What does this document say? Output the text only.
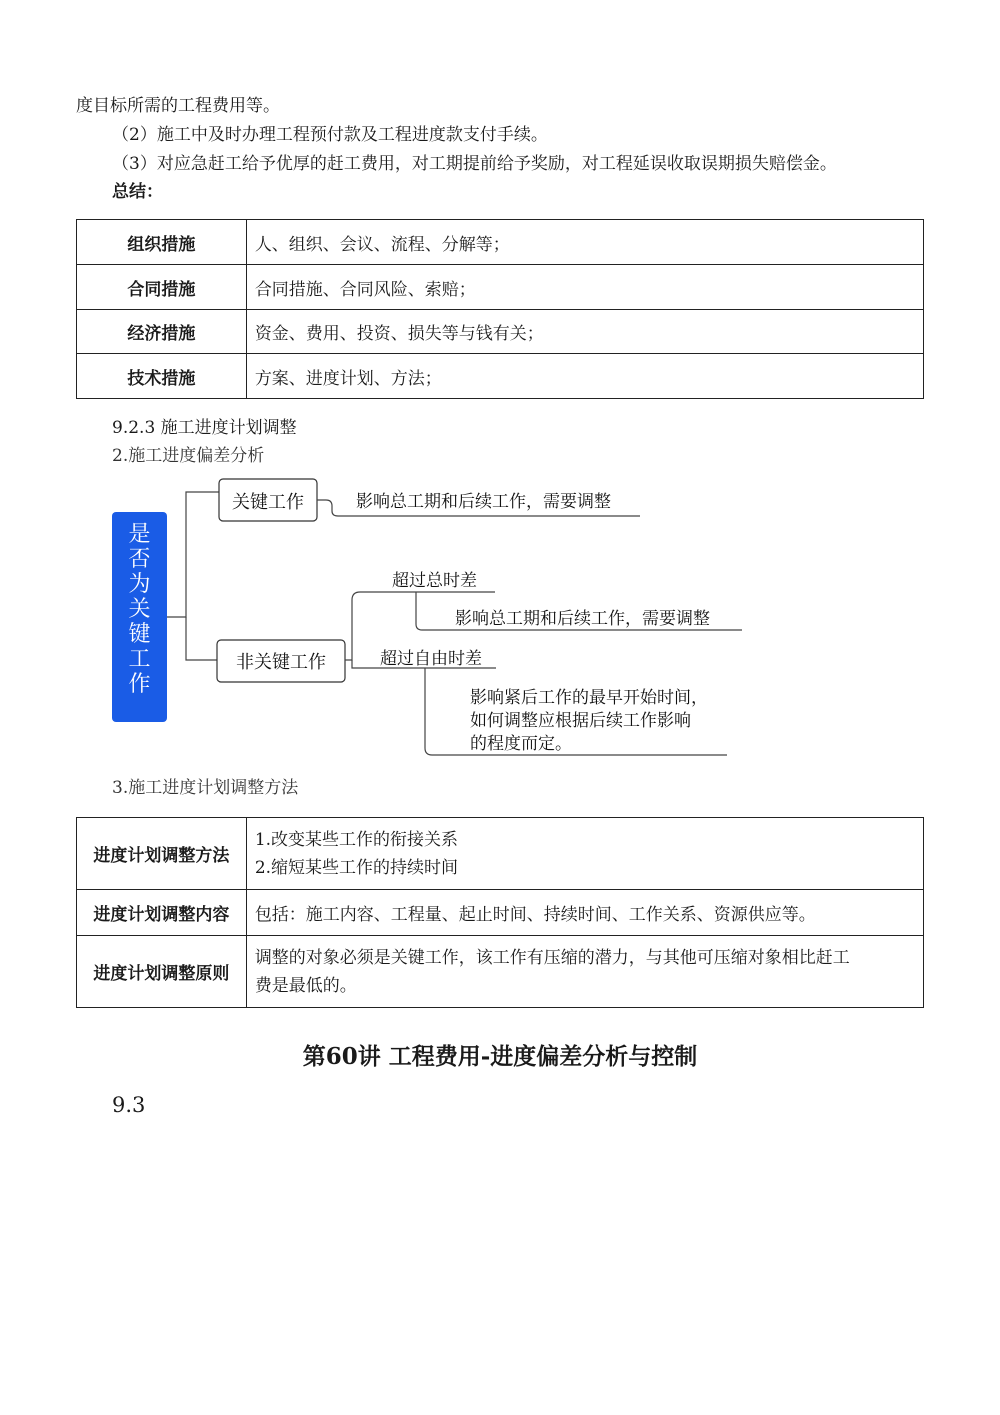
度目标所需的工程费用等。
（2）施工中及时办理工程预付款及工程进度款支付手续。
（3）对应急赶工给予优厚的赶工费用，对工期提前给予奖励，对工程延误收取误期损失赔偿金。
总结：
组织措施	人、组织、会议、流程、分解等；
合同措施	合同措施、合同风险、索赔；
经济措施	资金、费用、投资、损失等与钱有关；
技术措施	方案、进度计划、方法；
9.2.3 施工进度计划调整
2.施工进度偏差分析
是否为关键工作
关键工作	影响总工期和后续工作，需要调整
非关键工作
超过总时差
超过自由时差
影响总工期和后续工作，需要调整
影响紧后工作的最早开始时间，
如何调整应根据后续工作影响
的程度而定。
3.施工进度计划调整方法
进度计划调整方法	1.改变某些工作的衔接关系
2.缩短某些工作的持续时间

进度计划调整内容	包括：施工内容、工程量、起止时间、持续时间、工作关系、资源供应等。
进度计划调整原则	调整的对象必须是关键工作，该工作有压缩的潜力，与其他可压缩对象相比赶工
费是最低的。
第60讲 工程费用-进度偏差分析与控制
9.3
